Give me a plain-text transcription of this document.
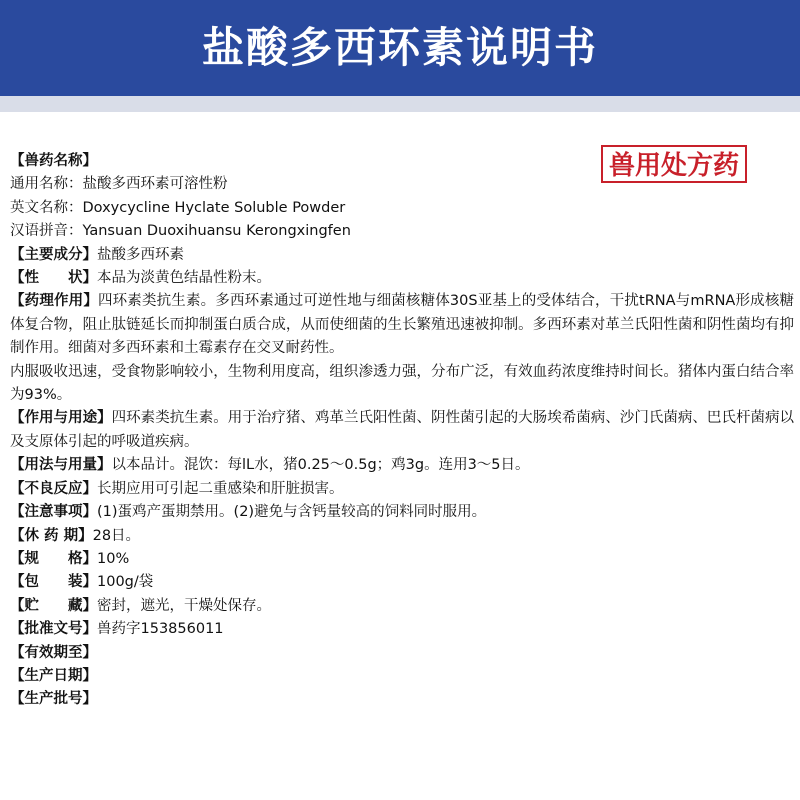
盐酸多西环素说明书
兽用处方药
【兽药名称】
通用名称：盐酸多西环素可溶性粉
英文名称：Doxycycline Hyclate Soluble Powder
汉语拼音：Yansuan Duoxihuansu Kerongxingfen
【主要成分】盐酸多西环素
【性　　状】本品为淡黄色结晶性粉末。
【药理作用】四环素类抗生素。多西环素通过可逆性地与细菌核糖体30S亚基上的受体结合，干扰tRNA与mRNA形成核糖体复合物，阻止肽链延长而抑制蛋白质合成，从而使细菌的生长繁殖迅速被抑制。多西环素对革兰氏阳性菌和阴性菌均有抑制作用。细菌对多西环素和土霉素存在交叉耐药性。
内服吸收迅速，受食物影响较小，生物利用度高，组织渗透力强，分布广泛，有效血药浓度维持时间长。猪体内蛋白结合率为93%。
【作用与用途】四环素类抗生素。用于治疗猪、鸡革兰氏阳性菌、阴性菌引起的大肠埃希菌病、沙门氏菌病、巴氏杆菌病以及支原体引起的呼吸道疾病。
【用法与用量】以本品计。混饮：每lL水，猪0.25～0.5g；鸡3g。连用3～5日。
【不良反应】长期应用可引起二重感染和肝脏损害。
【注意事项】(1)蛋鸡产蛋期禁用。(2)避免与含钙量较高的饲料同时服用。
【休 药 期】28日。
【规　　格】10%
【包　　装】100g/袋
【贮　　藏】密封，遮光，干燥处保存。
【批准文号】兽药字153856011
【有效期至】
【生产日期】
【生产批号】
